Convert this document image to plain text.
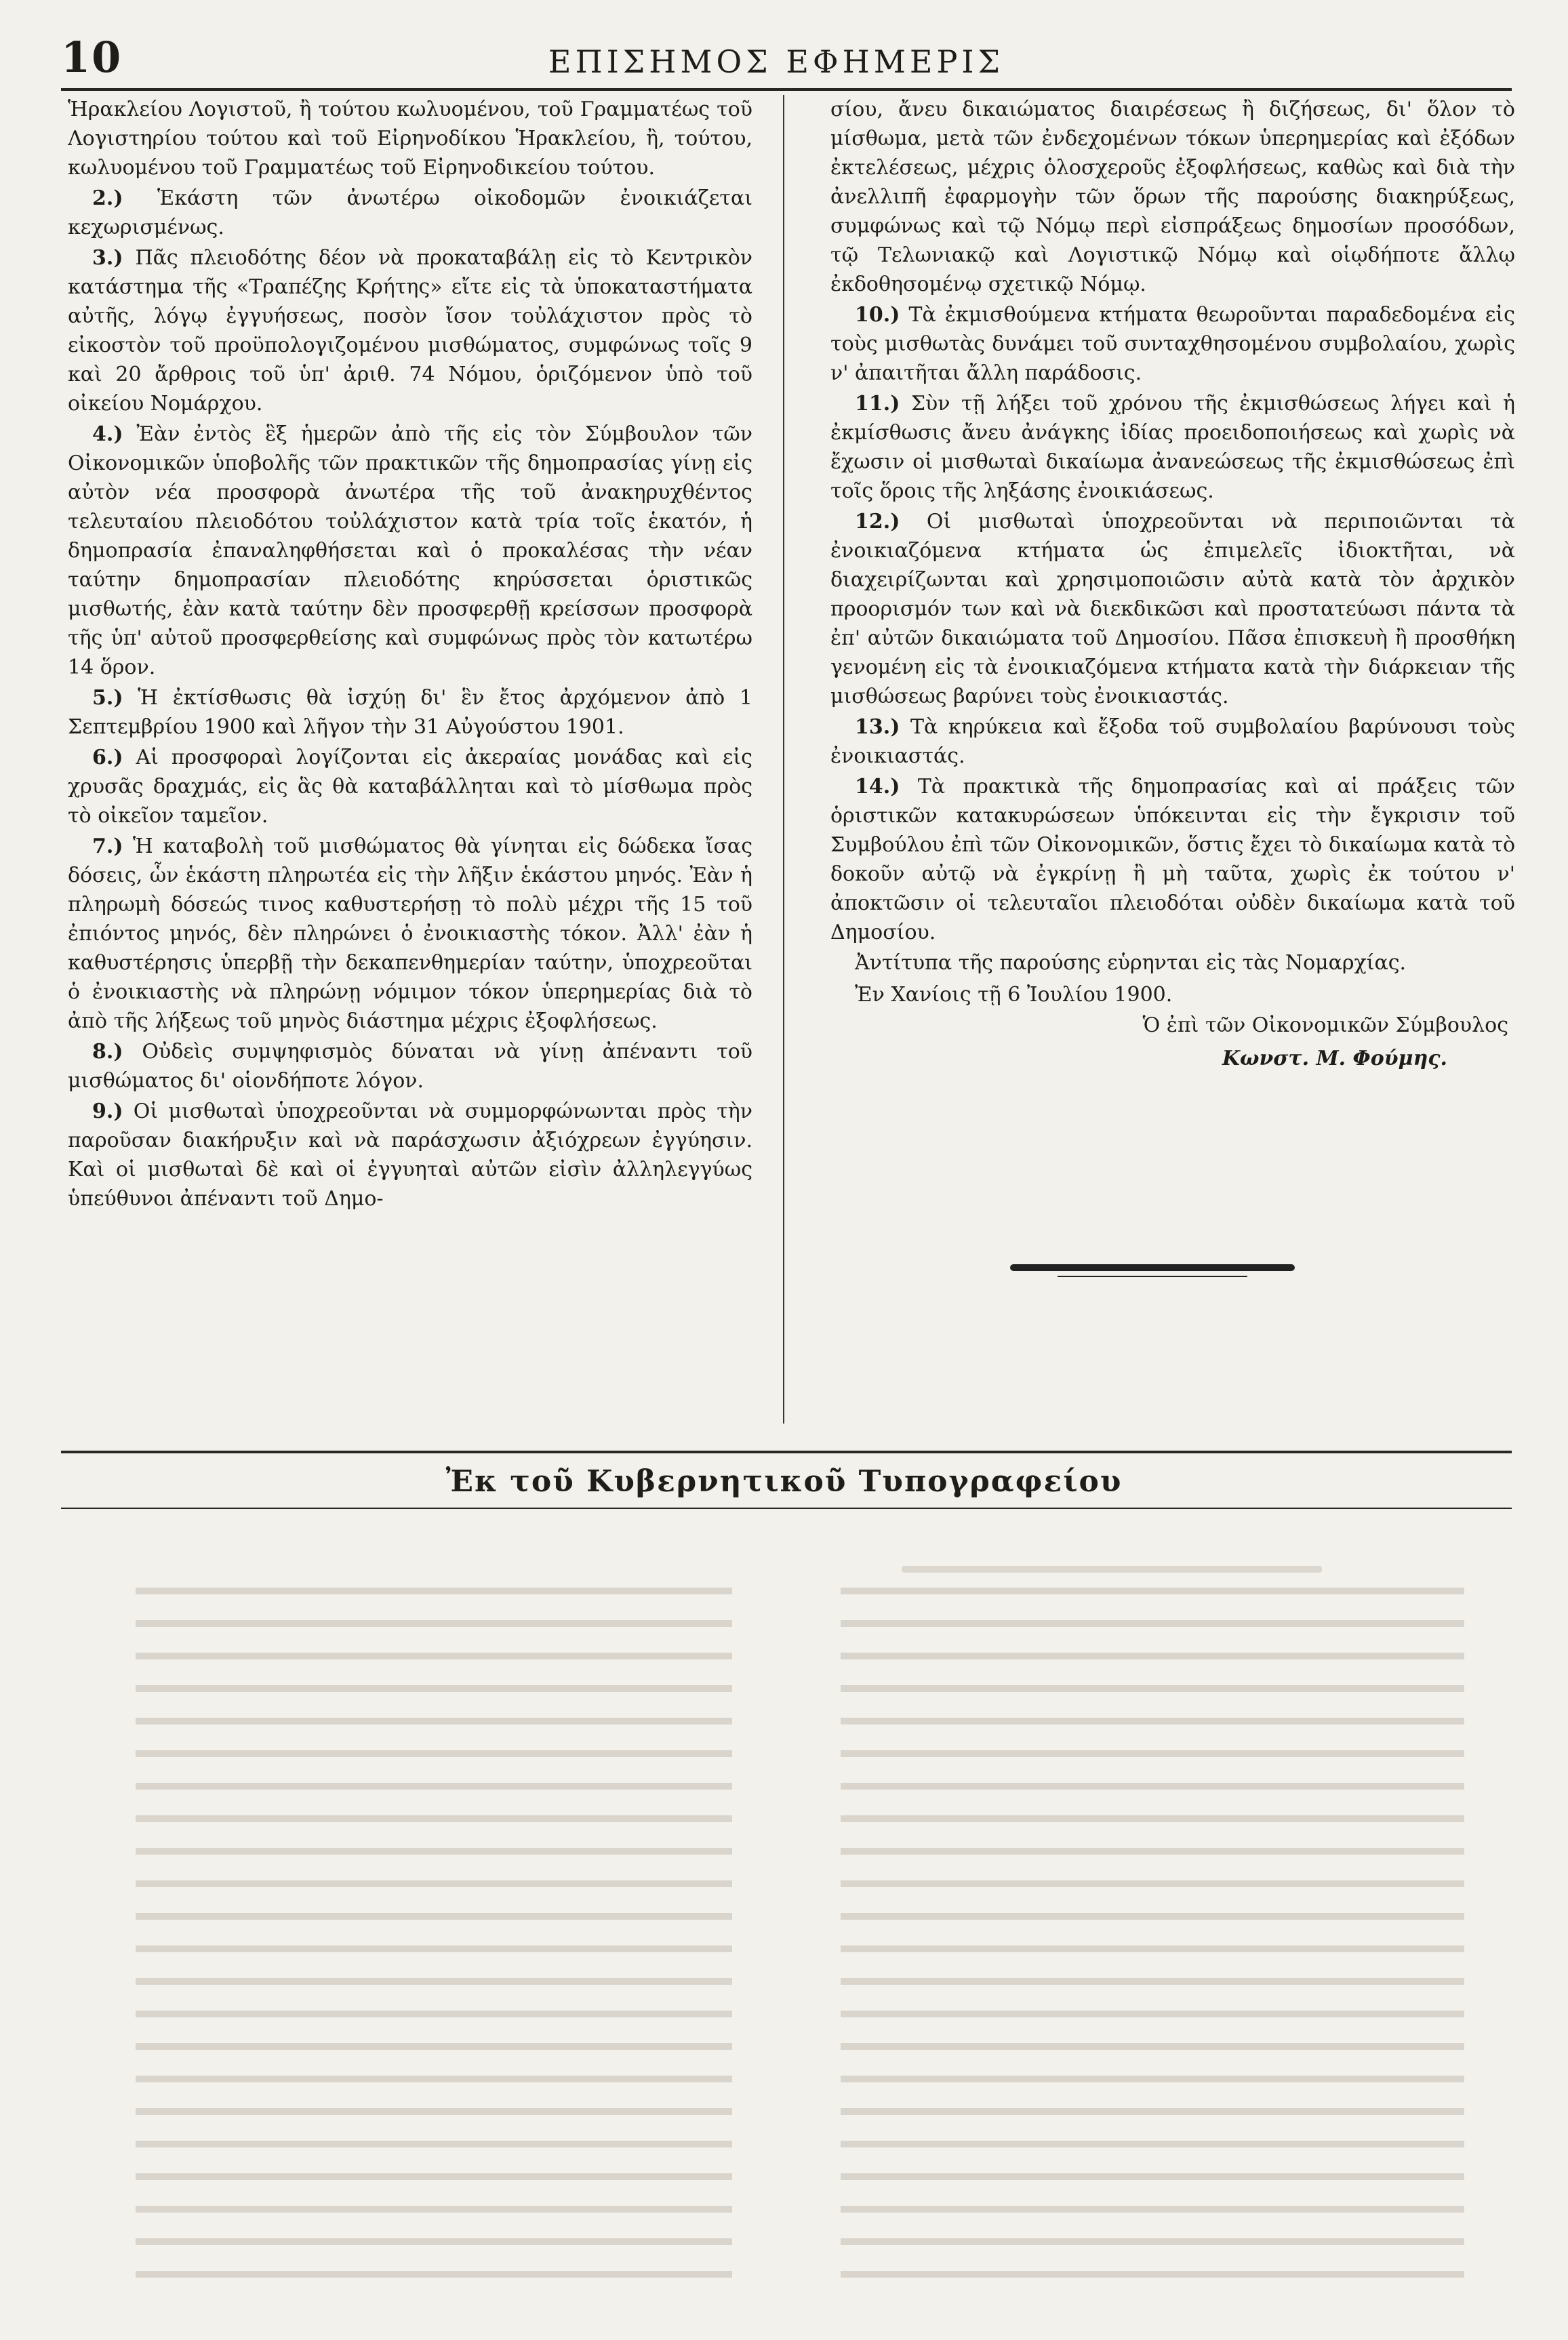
10	ΕΠΙΣΗΜΟΣ ΕΦΗΜΕΡΙΣ

Ἡρακλείου Λογιστοῦ, ἢ τούτου κωλυομένου, τοῦ Γραμματέως τοῦ Λογιστηρίου τούτου καὶ τοῦ Εἰρηνοδίκου Ἡρακλείου, ἢ, τούτου, κωλυομένου τοῦ Γραμματέως τοῦ Εἰρηνοδικείου τούτου.

2.) Ἑκάστη τῶν ἀνωτέρω οἰκοδομῶν ἐνοικιάζεται κεχωρισμένως.

3.) Πᾶς πλειοδότης δέον νὰ προκαταβάλῃ εἰς τὸ Κεντρικὸν κατάστημα τῆς «Τραπέζης Κρήτης» εἴτε εἰς τὰ ὑποκαταστήματα αὐτῆς, λόγῳ ἐγγυήσεως, ποσὸν ἴσον τοὐλάχιστον πρὸς τὸ εἰκοστὸν τοῦ προϋπολογιζομένου μισθώματος, συμφώνως τοῖς 9 καὶ 20 ἄρθροις τοῦ ὑπ' ἀριθ. 74 Νόμου, ὁριζόμενον ὑπὸ τοῦ οἰκείου Νομάρχου.

4.) Ἐὰν ἐντὸς ἓξ ἡμερῶν ἀπὸ τῆς εἰς τὸν Σύμβουλον τῶν Οἰκονομικῶν ὑποβολῆς τῶν πρακτικῶν τῆς δημοπρασίας γίνῃ εἰς αὐτὸν νέα προσφορὰ ἀνωτέρα τῆς τοῦ ἀνακηρυχθέντος τελευταίου πλειοδότου τοὐλάχιστον κατὰ τρία τοῖς ἑκατόν, ἡ δημοπρασία ἐπαναληφθήσεται καὶ ὁ προκαλέσας τὴν νέαν ταύτην δημοπρασίαν πλειοδότης κηρύσσεται ὁριστικῶς μισθωτής, ἐὰν κατὰ ταύτην δὲν προσφερθῇ κρείσσων προσφορὰ τῆς ὑπ' αὐτοῦ προσφερθείσης καὶ συμφώνως πρὸς τὸν κατωτέρω 14 ὅρον.

5.) Ἡ ἐκτίσθωσις θὰ ἰσχύῃ δι' ἓν ἔτος ἀρχόμενον ἀπὸ 1 Σεπτεμβρίου 1900 καὶ λῆγον τὴν 31 Αὐγούστου 1901.

6.) Αἱ προσφοραὶ λογίζονται εἰς ἀκεραίας μονάδας καὶ εἰς χρυσᾶς δραχμάς, εἰς ἃς θὰ καταβάλληται καὶ τὸ μίσθωμα πρὸς τὸ οἰκεῖον ταμεῖον.

7.) Ἡ καταβολὴ τοῦ μισθώματος θὰ γίνηται εἰς δώδεκα ἴσας δόσεις, ὧν ἑκάστη πληρωτέα εἰς τὴν λῆξιν ἑκάστου μηνός. Ἐὰν ἡ πληρωμὴ δόσεώς τινος καθυστερήσῃ τὸ πολὺ μέχρι τῆς 15 τοῦ ἐπιόντος μηνός, δὲν πληρώνει ὁ ἐνοικιαστὴς τόκον. Ἀλλ' ἐὰν ἡ καθυστέρησις ὑπερβῇ τὴν δεκαπενθημερίαν ταύτην, ὑποχρεοῦται ὁ ἐνοικιαστὴς νὰ πληρώνῃ νόμιμον τόκον ὑπερημερίας διὰ τὸ ἀπὸ τῆς λήξεως τοῦ μηνὸς διάστημα μέχρις ἐξοφλήσεως.

8.) Οὐδεὶς συμψηφισμὸς δύναται νὰ γίνῃ ἀπέναντι τοῦ μισθώματος δι' οἱονδήποτε λόγον.

9.) Οἱ μισθωταὶ ὑποχρεοῦνται νὰ συμμορφώνωνται πρὸς τὴν παροῦσαν διακήρυξιν καὶ νὰ παράσχωσιν ἀξιόχρεων ἐγγύησιν. Καὶ οἱ μισθωταὶ δὲ καὶ οἱ ἐγγυηταὶ αὐτῶν εἰσὶν ἀλληλεγγύως ὑπεύθυνοι ἀπέναντι τοῦ Δημο-

σίου, ἄνευ δικαιώματος διαιρέσεως ἢ διζήσεως, δι' ὅλον τὸ μίσθωμα, μετὰ τῶν ἐνδεχομένων τόκων ὑπερημερίας καὶ ἐξόδων ἐκτελέσεως, μέχρις ὁλοσχεροῦς ἐξοφλήσεως, καθὼς καὶ διὰ τὴν ἀνελλιπῆ ἐφαρμογὴν τῶν ὅρων τῆς παρούσης διακηρύξεως, συμφώνως καὶ τῷ Νόμῳ περὶ εἰσπράξεως δημοσίων προσόδων, τῷ Τελωνιακῷ καὶ Λογιστικῷ Νόμῳ καὶ οἱῳδήποτε ἄλλῳ ἐκδοθησομένῳ σχετικῷ Νόμῳ.

10.) Τὰ ἐκμισθούμενα κτήματα θεωροῦνται παραδεδομένα εἰς τοὺς μισθωτὰς δυνάμει τοῦ συνταχθησομένου συμβολαίου, χωρὶς ν' ἀπαιτῆται ἄλλη παράδοσις.

11.) Σὺν τῇ λήξει τοῦ χρόνου τῆς ἐκμισθώσεως λήγει καὶ ἡ ἐκμίσθωσις ἄνευ ἀνάγκης ἰδίας προειδοποιήσεως καὶ χωρὶς νὰ ἔχωσιν οἱ μισθωταὶ δικαίωμα ἀνανεώσεως τῆς ἐκμισθώσεως ἐπὶ τοῖς ὅροις τῆς ληξάσης ἐνοικιάσεως.

12.) Οἱ μισθωταὶ ὑποχρεοῦνται νὰ περιποιῶνται τὰ ἐνοικιαζόμενα κτήματα ὡς ἐπιμελεῖς ἰδιοκτῆται, νὰ διαχειρίζωνται καὶ χρησιμοποιῶσιν αὐτὰ κατὰ τὸν ἀρχικὸν προορισμόν των καὶ νὰ διεκδικῶσι καὶ προστατεύωσι πάντα τὰ ἐπ' αὐτῶν δικαιώματα τοῦ Δημοσίου. Πᾶσα ἐπισκευὴ ἢ προσθήκη γενομένη εἰς τὰ ἐνοικιαζόμενα κτήματα κατὰ τὴν διάρκειαν τῆς μισθώσεως βαρύνει τοὺς ἐνοικιαστάς.

13.) Τὰ κηρύκεια καὶ ἔξοδα τοῦ συμβολαίου βαρύνουσι τοὺς ἐνοικιαστάς.

14.) Τὰ πρακτικὰ τῆς δημοπρασίας καὶ αἱ πράξεις τῶν ὁριστικῶν κατακυρώσεων ὑπόκεινται εἰς τὴν ἔγκρισιν τοῦ Συμβούλου ἐπὶ τῶν Οἰκονομικῶν, ὅστις ἔχει τὸ δικαίωμα κατὰ τὸ δοκοῦν αὐτῷ νὰ ἐγκρίνῃ ἢ μὴ ταῦτα, χωρὶς ἐκ τούτου ν' ἀποκτῶσιν οἱ τελευταῖοι πλειοδόται οὐδὲν δικαίωμα κατὰ τοῦ Δημοσίου.

Ἀντίτυπα τῆς παρούσης εὑρηνται εἰς τὰς Νομαρχίας.

Ἐν Χανίοις τῇ 6 Ἰουλίου 1900.

Ὁ ἐπὶ τῶν Οἰκονομικῶν Σύμβουλος

Κωνστ. Μ. Φούμης.

Ἐκ τοῦ Κυβερνητικοῦ Τυπογραφείου
